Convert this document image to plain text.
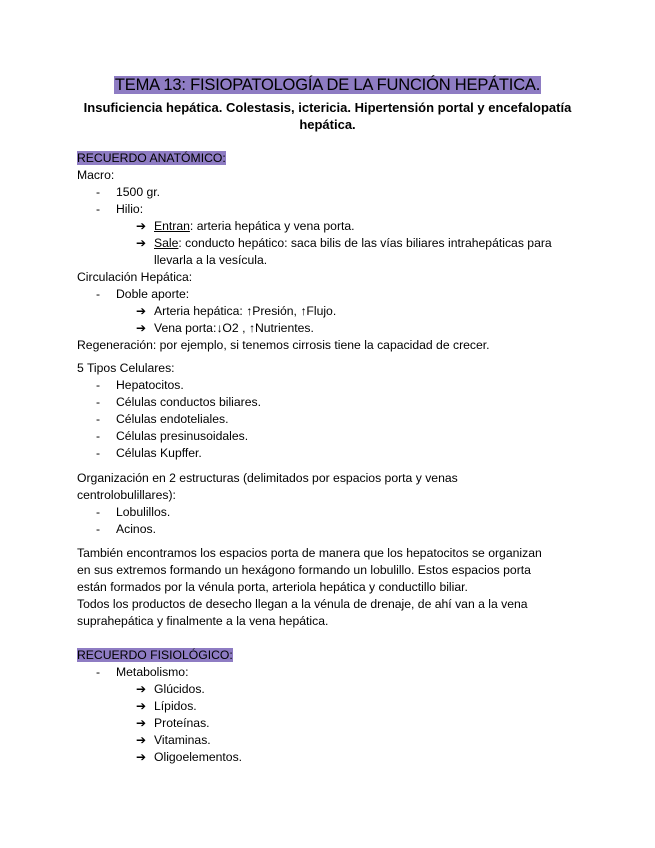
TEMA 13: FISIOPATOLOGÍA DE LA FUNCIÓN HEPÁTICA.
Insuficiencia hepática. Colestasis, ictericia. Hipertensión portal y encefalopatía hepática.
RECUERDO ANATÓMICO:
Macro:
- 1500 gr.
- Hilio:
➔ Entran: arteria hepática y vena porta.
➔ Sale: conducto hepático: saca bilis de las vías biliares intrahepáticas para
llevarla a la vesícula.
Circulación Hepática:
- Doble aporte:
➔ Arteria hepática: ↑Presión, ↑Flujo.
➔ Vena porta:↓O2 , ↑Nutrientes.
Regeneración: por ejemplo, si tenemos cirrosis tiene la capacidad de crecer.
5 Tipos Celulares:
- Hepatocitos.
- Células conductos biliares.
- Células endoteliales.
- Células presinusoidales.
- Células Kupffer.
Organización en 2 estructuras (delimitados por espacios porta y venas
centrolobulillares):
- Lobulillos.
- Acinos.
También encontramos los espacios porta de manera que los hepatocitos se organizan
en sus extremos formando un hexágono formando un lobulillo. Estos espacios porta
están formados por la vénula porta, arteriola hepática y conductillo biliar.
Todos los productos de desecho llegan a la vénula de drenaje, de ahí van a la vena
suprahepática y finalmente a la vena hepática.
RECUERDO FISIOLÓGICO:
- Metabolismo:
➔ Glúcidos.
➔ Lípidos.
➔ Proteínas.
➔ Vitaminas.
➔ Oligoelementos.
